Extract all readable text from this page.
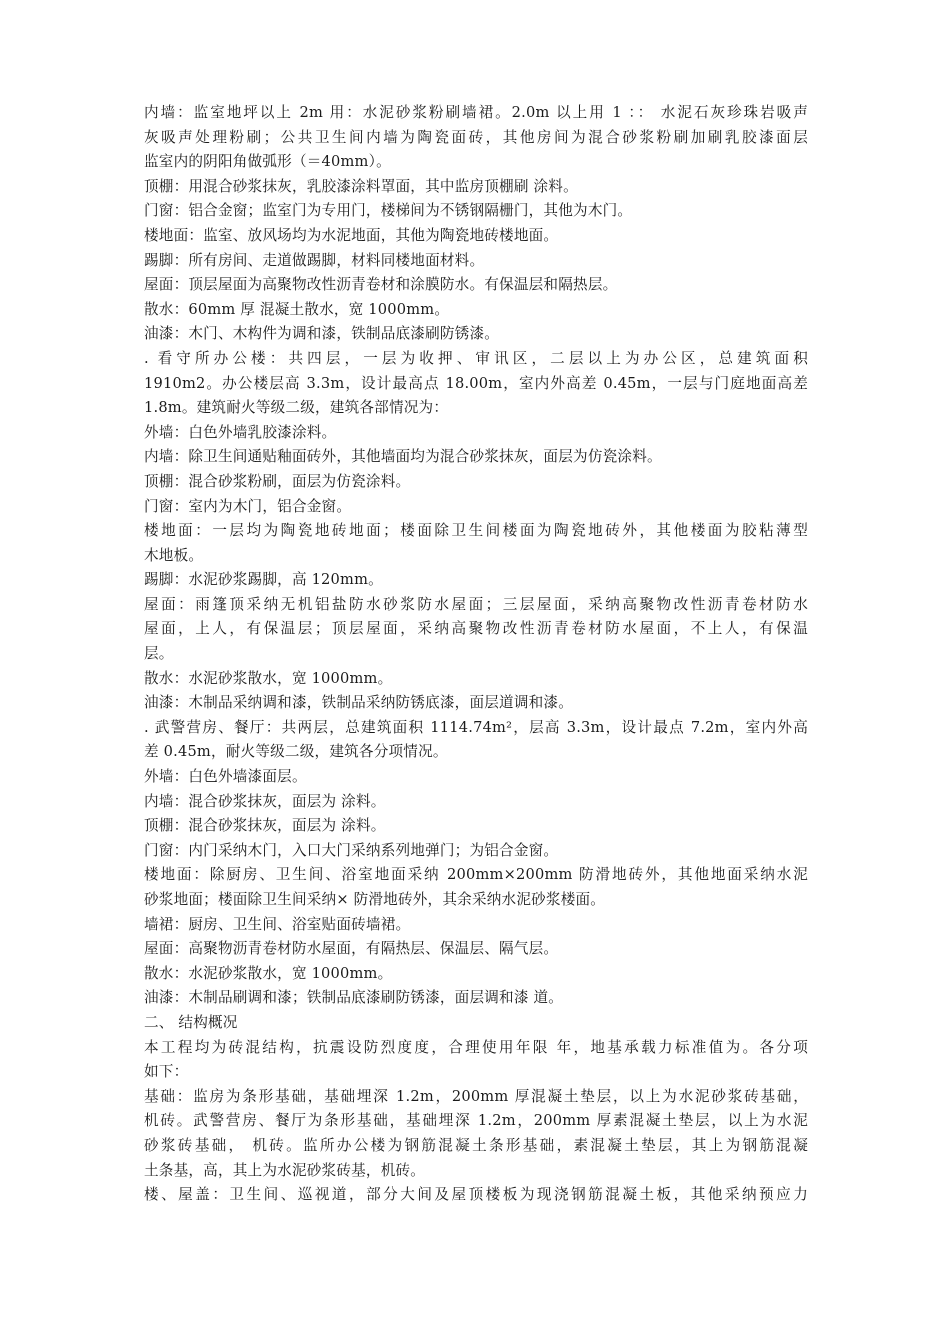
内墙：监室地坪以上 2m 用：水泥砂浆粉刷墙裙。2.0m 以上用 1 ：： 水泥石灰珍珠岩吸声
灰吸声处理粉刷；公共卫生间内墙为陶瓷面砖，其他房间为混合砂浆粉刷加刷乳胶漆面层
监室内的阴阳角做弧形（＝40mm）。
顶棚：用混合砂浆抹灰，乳胶漆涂料罩面，其中监房顶棚刷 涂料。
门窗：铝合金窗；监室门为专用门，楼梯间为不锈钢隔栅门，其他为木门。
楼地面：监室、放风场均为水泥地面，其他为陶瓷地砖楼地面。
踢脚：所有房间、走道做踢脚，材料同楼地面材料。
屋面：顶层屋面为高聚物改性沥青卷材和涂膜防水。有保温层和隔热层。
散水：60mm 厚 混凝土散水，宽 1000mm。
油漆：木门、木构件为调和漆，铁制品底漆刷防锈漆。
. 看守所办公楼：共四层，一层为收押、审讯区，二层以上为办公区，总建筑面积
1910m2。办公楼层高 3.3m，设计最高点 18.00m，室内外高差 0.45m，一层与门庭地面高差
1.8m。建筑耐火等级二级，建筑各部情况为：
外墙：白色外墙乳胶漆涂料。
内墙：除卫生间通贴釉面砖外，其他墙面均为混合砂浆抹灰，面层为仿瓷涂料。
顶棚：混合砂浆粉刷，面层为仿瓷涂料。
门窗：室内为木门，铝合金窗。
楼地面：一层均为陶瓷地砖地面；楼面除卫生间楼面为陶瓷地砖外，其他楼面为胶粘薄型
木地板。
踢脚：水泥砂浆踢脚，高 120mm。
屋面：雨篷顶采纳无机铝盐防水砂浆防水屋面；三层屋面，采纳高聚物改性沥青卷材防水
屋面，上人，有保温层；顶层屋面，采纳高聚物改性沥青卷材防水屋面，不上人，有保温
层。
散水：水泥砂浆散水，宽 1000mm。
油漆：木制品采纳调和漆，铁制品采纳防锈底漆，面层道调和漆。
. 武警营房、餐厅：共两层，总建筑面积 1114.74m²，层高 3.3m，设计最点 7.2m，室内外高
差 0.45m，耐火等级二级，建筑各分项情况。
外墙：白色外墙漆面层。
内墙：混合砂浆抹灰，面层为 涂料。
顶棚：混合砂浆抹灰，面层为 涂料。
门窗：内门采纳木门，入口大门采纳系列地弹门；为铝合金窗。
楼地面：除厨房、卫生间、浴室地面采纳 200mm×200mm 防滑地砖外，其他地面采纳水泥
砂浆地面；楼面除卫生间采纳× 防滑地砖外，其余采纳水泥砂浆楼面。
墙裙：厨房、卫生间、浴室贴面砖墙裙。
屋面：高聚物沥青卷材防水屋面，有隔热层、保温层、隔气层。
散水：水泥砂浆散水，宽 1000mm。
油漆：木制品刷调和漆；铁制品底漆刷防锈漆，面层调和漆 道。
二、 结构概况
本工程均为砖混结构，抗震设防烈度度，合理使用年限 年，地基承载力标准值为。各分项
如下：
基础：监房为条形基础，基础埋深 1.2m，200mm 厚混凝土垫层，以上为水泥砂浆砖基础，
机砖。武警营房、餐厅为条形基础，基础埋深 1.2m，200mm 厚素混凝土垫层，以上为水泥
砂浆砖基础， 机砖。监所办公楼为钢筋混凝土条形基础，素混凝土垫层，其上为钢筋混凝
土条基，高，其上为水泥砂浆砖基，机砖。
楼、屋盖：卫生间、巡视道，部分大间及屋顶楼板为现浇钢筋混凝土板，其他采纳预应力
